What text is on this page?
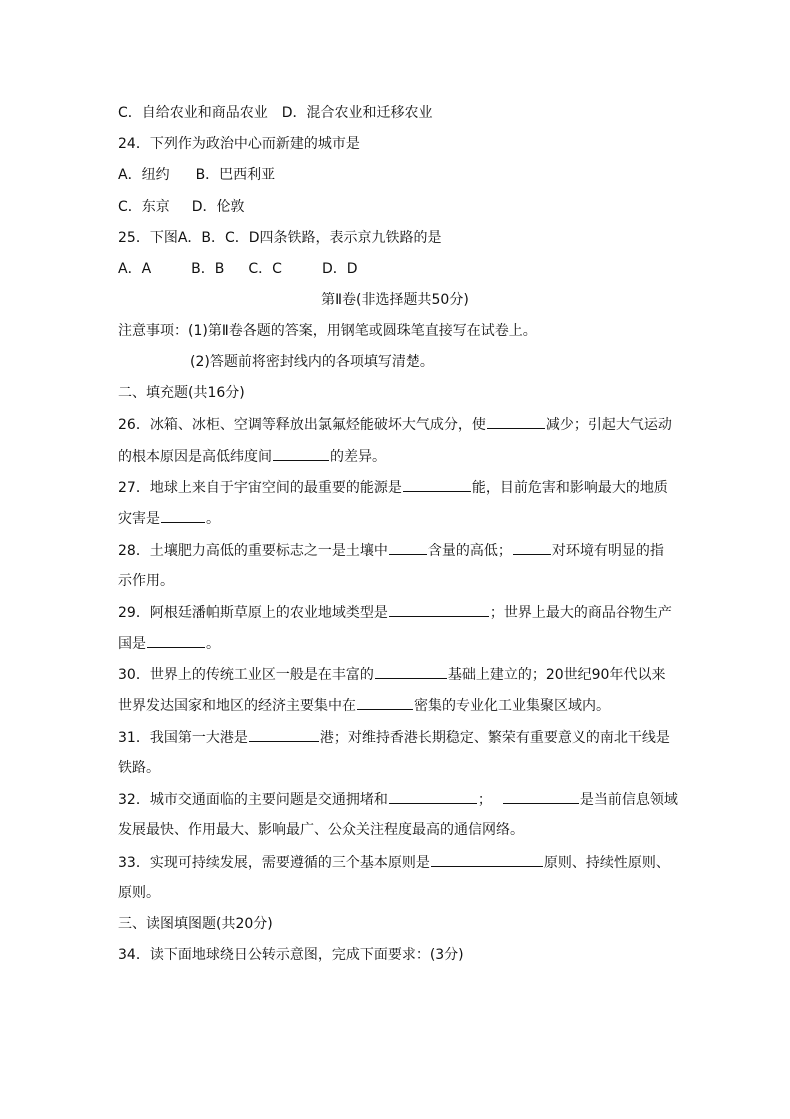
C．自给农业和商品农业　D．混合农业和迁移农业
24．下列作为政治中心而新建的城市是
A．纽约 B．巴西利亚
C．东京 D．伦敦
25．下图A．B．C．D四条铁路，表示京九铁路的是
A．A	B．B C．C	D．D
第Ⅱ卷(非选择题共50分)
注意事项：(1)第Ⅱ卷各题的答案，用钢笔或圆珠笔直接写在试卷上。
(2)答题前将密封线内的各项填写清楚。
二、填充题(共16分)
26．冰箱、冰柜、空调等释放出氯氟烃能破坏大气成分，使	减少；引起大气运动
的根本原因是高低纬度间	的差异。
27．地球上来自于宇宙空间的最重要的能源是	能，目前危害和影响最大的地质
灾害是	。
28．土壤肥力高低的重要标志之一是土壤中	含量的高低；	对环境有明显的指
示作用。
29．阿根廷潘帕斯草原上的农业地域类型是	；世界上最大的商品谷物生产
国是	。
30．世界上的传统工业区一般是在丰富的	基础上建立的；20世纪90年代以来
世界发达国家和地区的经济主要集中在	密集的专业化工业集聚区域内。
31．我国第一大港是	港；对维持香港长期稳定、繁荣有重要意义的南北干线是
铁路。
32．城市交通面临的主要问题是交通拥堵和	；	是当前信息领域
发展最快、作用最大、影响最广、公众关注程度最高的通信网络。
33．实现可持续发展，需要遵循的三个基本原则是	原则、持续性原则、
原则。
三、读图填图题(共20分)
34．读下面地球绕日公转示意图，完成下面要求：(3分)
